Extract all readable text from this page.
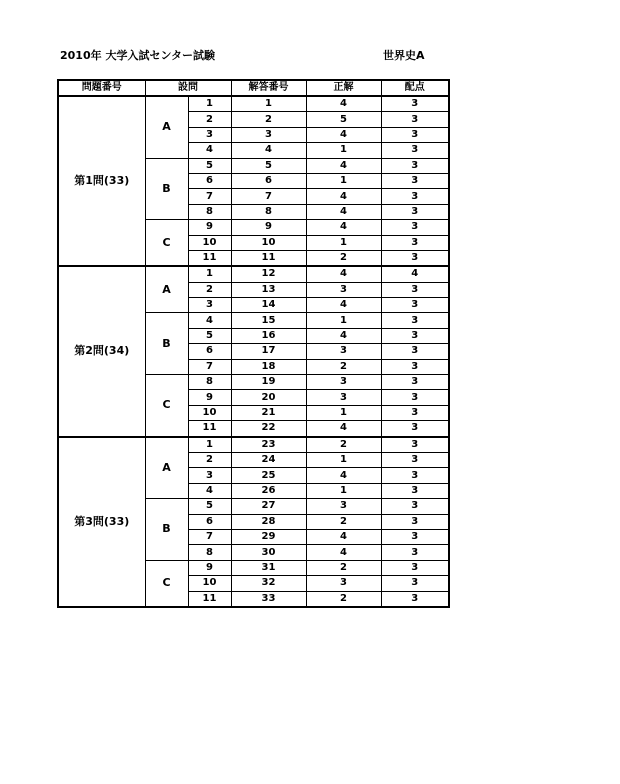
2010年 大学入試センター試験	世界史A
問題番号	設問		解答番号	正解	配点
第1問(33)	A	1	1	4	3
		2	2	5	3
		3	3	4	3
		4	4	1	3
	B	5	5	4	3
		6	6	1	3
		7	7	4	3
		8	8	4	3
	C	9	9	4	3
		10	10	1	3
		11	11	2	3
第2問(34)	A	1	12	4	4
		2	13	3	3
		3	14	4	3
	B	4	15	1	3
		5	16	4	3
		6	17	3	3
		7	18	2	3
	C	8	19	3	3
		9	20	3	3
		10	21	1	3
		11	22	4	3
第3問(33)	A	1	23	2	3
		2	24	1	3
		3	25	4	3
		4	26	1	3
	B	5	27	3	3
		6	28	2	3
		7	29	4	3
		8	30	4	3
	C	9	31	2	3
		10	32	3	3
		11	33	2	3
